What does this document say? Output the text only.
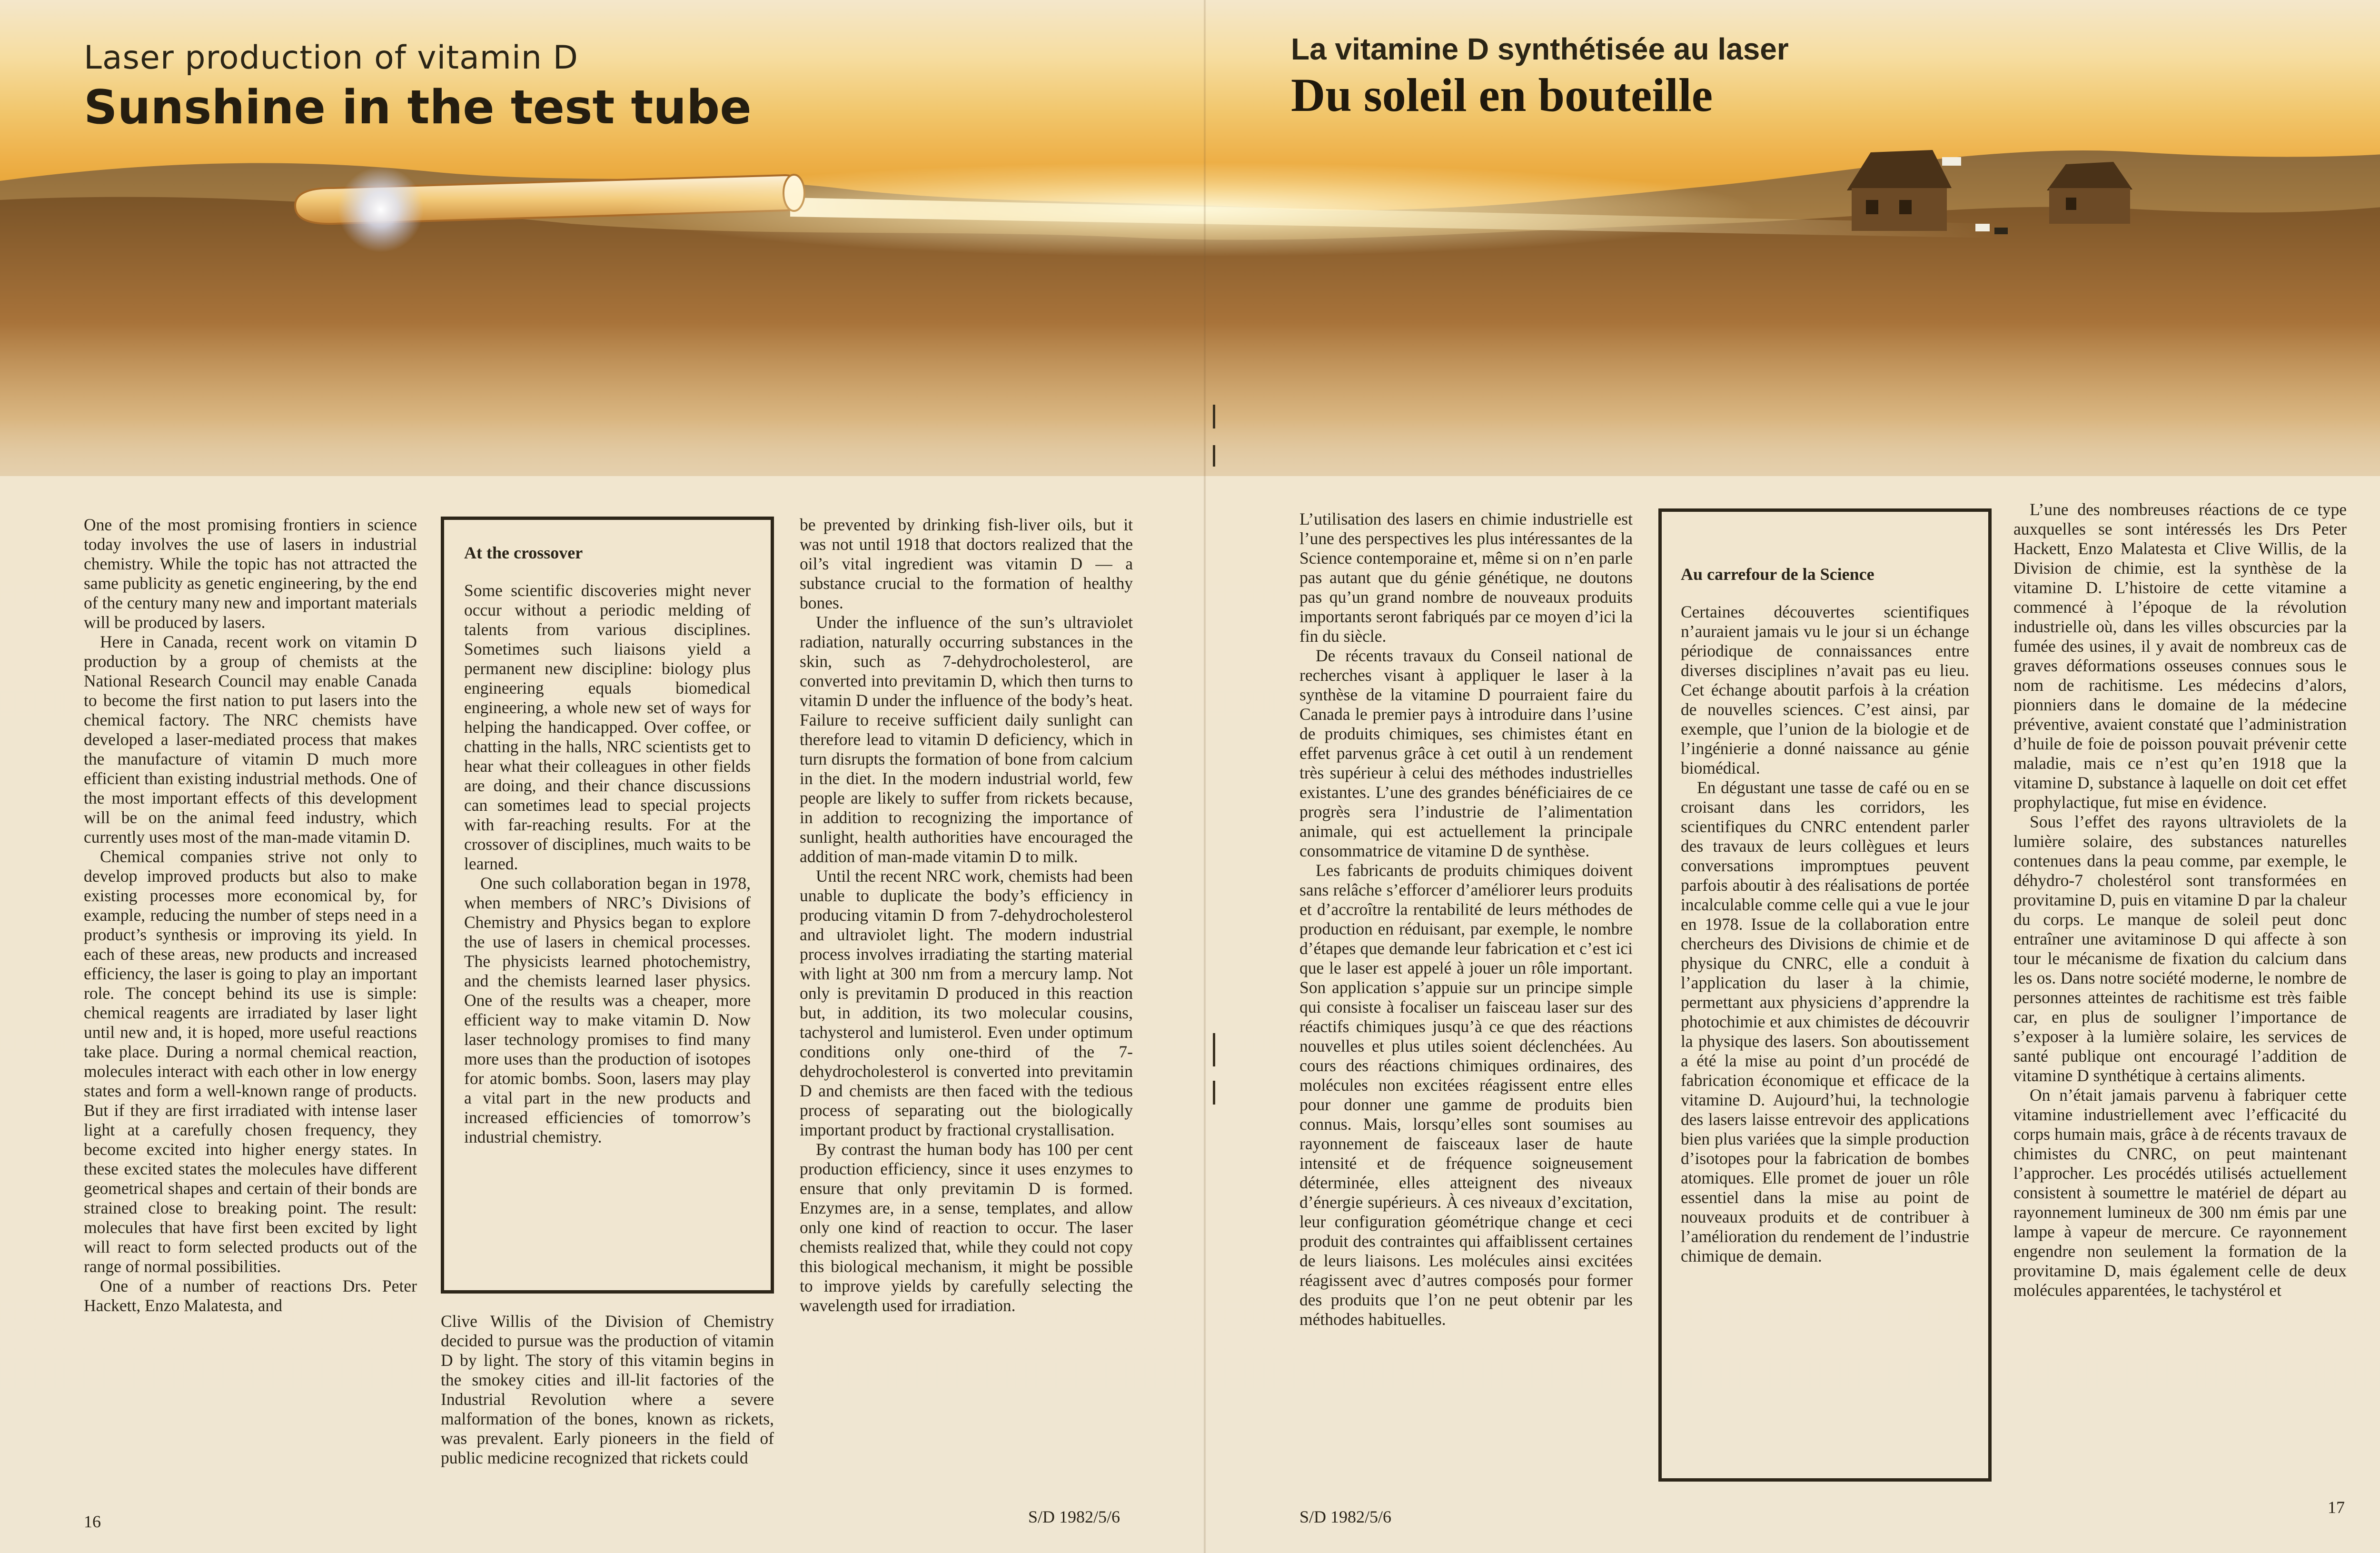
Laser production of vitamin D
Sunshine in the test tube
La vitamine D synthétisée au laser
Du soleil en bouteille

One of the most promising frontiers in science today involves the use of lasers in industrial chemistry. While the topic has not attracted the same publicity as genetic engineering, by the end of the century many new and important materials will be produced by lasers.

Here in Canada, recent work on vitamin D production by a group of chemists at the National Research Council may enable Canada to become the first nation to put lasers into the chemical factory. The NRC chemists have developed a laser-mediated process that makes the manufacture of vitamin D much more efficient than existing industrial methods. One of the most important effects of this development will be on the animal feed industry, which currently uses most of the man-made vitamin D.

Chemical companies strive not only to develop improved products but also to make existing processes more economical by, for example, reducing the number of steps need in a product’s synthesis or improving its yield. In each of these areas, new products and increased efficiency, the laser is going to play an important role. The concept behind its use is simple: chemical reagents are irradiated by laser light until new and, it is hoped, more useful reactions take place. During a normal chemical reaction, molecules interact with each other in low energy states and form a well-known range of products. But if they are first irradiated with intense laser light at a carefully chosen frequency, they become excited into higher energy states. In these excited states the molecules have different geometrical shapes and certain of their bonds are strained close to breaking point. The result: molecules that have first been excited by light will react to form selected products out of the range of normal possibilities.

One of a number of reactions Drs. Peter Hackett, Enzo Malatesta, and

At the crossover

Some scientific discoveries might never occur without a periodic melding of talents from various disciplines. Sometimes such liaisons yield a permanent new discipline: biology plus engineering equals biomedical engineering, a whole new set of ways for helping the handicapped. Over coffee, or chatting in the halls, NRC scientists get to hear what their colleagues in other fields are doing, and their chance discussions can sometimes lead to special projects with far-reaching results. For at the crossover of disciplines, much waits to be learned.

One such collaboration began in 1978, when members of NRC’s Divisions of Chemistry and Physics began to explore the use of lasers in chemical processes. The physicists learned photochemistry, and the chemists learned laser physics. One of the results was a cheaper, more efficient way to make vitamin D. Now laser technology promises to find many more uses than the production of isotopes for atomic bombs. Soon, lasers may play a vital part in the new products and increased efficiencies of tomorrow’s industrial chemistry.

Clive Willis of the Division of Chemistry decided to pursue was the production of vitamin D by light. The story of this vitamin begins in the smokey cities and ill-lit factories of the Industrial Revolution where a severe malformation of the bones, known as rickets, was prevalent. Early pioneers in the field of public medicine recognized that rickets could

be prevented by drinking fish-liver oils, but it was not until 1918 that doctors realized that the oil’s vital ingredient was vitamin D — a substance crucial to the formation of healthy bones.

Under the influence of the sun’s ultraviolet radiation, naturally occurring substances in the skin, such as 7-dehydrocholesterol, are converted into previtamin D, which then turns to vitamin D under the influence of the body’s heat. Failure to receive sufficient daily sunlight can therefore lead to vitamin D deficiency, which in turn disrupts the formation of bone from calcium in the diet. In the modern industrial world, few people are likely to suffer from rickets because, in addition to recognizing the importance of sunlight, health authorities have encouraged the addition of man-made vitamin D to milk.

Until the recent NRC work, chemists had been unable to duplicate the body’s efficiency in producing vitamin D from 7-dehydrocholesterol and ultraviolet light. The modern industrial process involves irradiating the starting material with light at 300 nm from a mercury lamp. Not only is previtamin D produced in this reaction but, in addition, its two molecular cousins, tachysterol and lumisterol. Even under optimum conditions only one-third of the 7-dehydrocholesterol is converted into previtamin D and chemists are then faced with the tedious process of separating out the biologically important product by fractional crystallisation.

By contrast the human body has 100 per cent production efficiency, since it uses enzymes to ensure that only previtamin D is formed. Enzymes are, in a sense, templates, and allow only one kind of reaction to occur. The laser chemists realized that, while they could not copy this biological mechanism, it might be possible to improve yields by carefully selecting the wavelength used for irradiation.

16	S/D 1982/5/6

L’utilisation des lasers en chimie industrielle est l’une des perspectives les plus intéressantes de la Science contemporaine et, même si on n’en parle pas autant que du génie génétique, ne doutons pas qu’un grand nombre de nouveaux produits importants seront fabriqués par ce moyen d’ici la fin du siècle.

De récents travaux du Conseil national de recherches visant à appliquer le laser à la synthèse de la vitamine D pourraient faire du Canada le premier pays à introduire dans l’usine de produits chimiques, ses chimistes étant en effet parvenus grâce à cet outil à un rendement très supérieur à celui des méthodes industrielles existantes. L’une des grandes bénéficiaires de ce progrès sera l’industrie de l’alimentation animale, qui est actuellement la principale consommatrice de vitamine D de synthèse.

Les fabricants de produits chimiques doivent sans relâche s’efforcer d’améliorer leurs produits et d’accroître la rentabilité de leurs méthodes de production en réduisant, par exemple, le nombre d’étapes que demande leur fabrication et c’est ici que le laser est appelé à jouer un rôle important. Son application s’appuie sur un principe simple qui consiste à focaliser un faisceau laser sur des réactifs chimiques jusqu’à ce que des réactions nouvelles et plus utiles soient déclenchées. Au cours des réactions chimiques ordinaires, des molécules non excitées réagissent entre elles pour donner une gamme de produits bien connus. Mais, lorsqu’elles sont soumises au rayonnement de faisceaux laser de haute intensité et de fréquence soigneusement déterminée, elles atteignent des niveaux d’énergie supérieurs. À ces niveaux d’excitation, leur configuration géométrique change et ceci produit des contraintes qui affaiblissent certaines de leurs liaisons. Les molécules ainsi excitées réagissent avec d’autres composés pour former des produits que l’on ne peut obtenir par les méthodes habituelles.

Au carrefour de la Science

Certaines découvertes scientifiques n’auraient jamais vu le jour si un échange périodique de connaissances entre diverses disciplines n’avait pas eu lieu. Cet échange aboutit parfois à la création de nouvelles sciences. C’est ainsi, par exemple, que l’union de la biologie et de l’ingénierie a donné naissance au génie biomédical.

En dégustant une tasse de café ou en se croisant dans les corridors, les scientifiques du CNRC entendent parler des travaux de leurs collègues et leurs conversations impromptues peuvent parfois aboutir à des réalisations de portée incalculable comme celle qui a vue le jour en 1978. Issue de la collaboration entre chercheurs des Divisions de chimie et de physique du CNRC, elle a conduit à l’application du laser à la chimie, permettant aux physiciens d’apprendre la photochimie et aux chimistes de découvrir la physique des lasers. Son aboutissement a été la mise au point d’un procédé de fabrication économique et efficace de la vitamine D. Aujourd’hui, la technologie des lasers laisse entrevoir des applications bien plus variées que la simple production d’isotopes pour la fabrication de bombes atomiques. Elle promet de jouer un rôle essentiel dans la mise au point de nouveaux produits et de contribuer à l’amélioration du rendement de l’industrie chimique de demain.

L’une des nombreuses réactions de ce type auxquelles se sont intéressés les Drs Peter Hackett, Enzo Malatesta et Clive Willis, de la Division de chimie, est la synthèse de la vitamine D. L’histoire de cette vitamine a commencé à l’époque de la révolution industrielle où, dans les villes obscurcies par la fumée des usines, il y avait de nombreux cas de graves déformations osseuses connues sous le nom de rachitisme. Les médecins d’alors, pionniers dans le domaine de la médecine préventive, avaient constaté que l’administration d’huile de foie de poisson pouvait prévenir cette maladie, mais ce n’est qu’en 1918 que la vitamine D, substance à laquelle on doit cet effet prophylactique, fut mise en évidence.

Sous l’effet des rayons ultraviolets de la lumière solaire, des substances naturelles contenues dans la peau comme, par exemple, le déhydro-7 cholestérol sont transformées en provitamine D, puis en vitamine D par la chaleur du corps. Le manque de soleil peut donc entraîner une avitaminose D qui affecte à son tour le mécanisme de fixation du calcium dans les os. Dans notre société moderne, le nombre de personnes atteintes de rachitisme est très faible car, en plus de souligner l’importance de s’exposer à la lumière solaire, les services de santé publique ont encouragé l’addition de vitamine D synthétique à certains aliments.

On n’était jamais parvenu à fabriquer cette vitamine industriellement avec l’efficacité du corps humain mais, grâce à de récents travaux de chimistes du CNRC, on peut maintenant l’approcher. Les procédés utilisés actuellement consistent à soumettre le matériel de départ au rayonnement lumineux de 300 nm émis par une lampe à vapeur de mercure. Ce rayonnement engendre non seulement la formation de la provitamine D, mais également celle de deux molécules apparentées, le tachystérol et

S/D 1982/5/6	17
